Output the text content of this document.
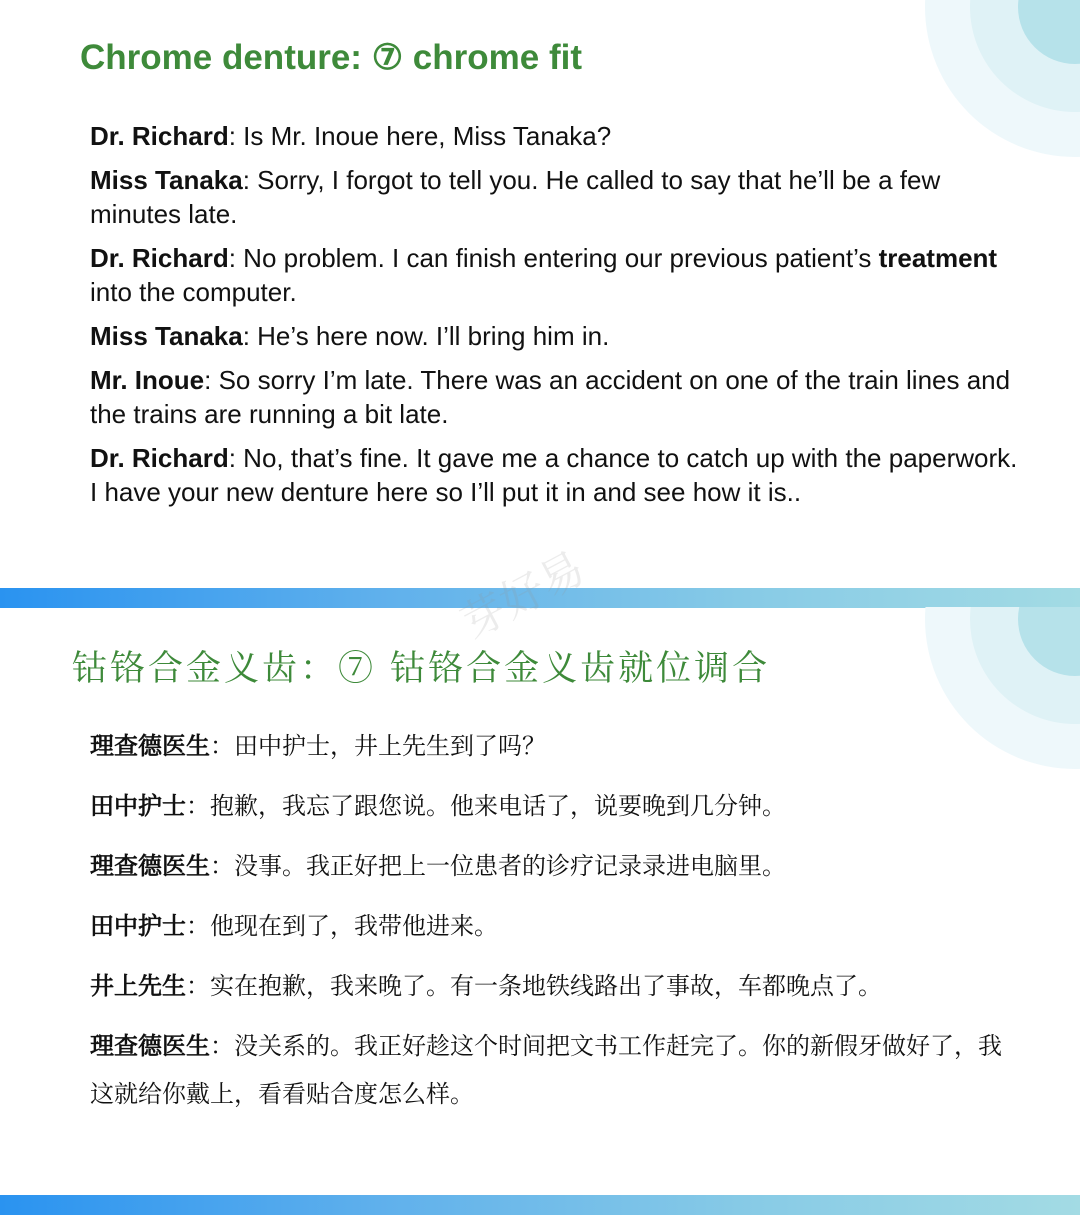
Chrome denture: ⑦ chrome fit

Dr. Richard: Is Mr. Inoue here, Miss Tanaka?

Miss Tanaka: Sorry, I forgot to tell you. He called to say that he’ll be a few minutes late.

Dr. Richard: No problem. I can finish entering our previous patient’s treatment into the computer.

Miss Tanaka: He’s here now. I’ll bring him in.

Mr. Inoue: So sorry I’m late. There was an accident on one of the train lines and the trains are running a bit late.

Dr. Richard: No, that’s fine. It gave me a chance to catch up with the paperwork. I have your new denture here so I’ll put it in and see how it is..

钴铬合金义齿：⑦ 钴铬合金义齿就位调合

理查德医生：田中护士，井上先生到了吗？

田中护士：抱歉，我忘了跟您说。他来电话了，说要晚到几分钟。

理查德医生：没事。我正好把上一位患者的诊疗记录录进电脑里。

田中护士：他现在到了，我带他进来。

井上先生：实在抱歉，我来晚了。有一条地铁线路出了事故，车都晚点了。

理查德医生：没关系的。我正好趁这个时间把文书工作赶完了。你的新假牙做好了，我这就给你戴上，看看贴合度怎么样。

芽好易
